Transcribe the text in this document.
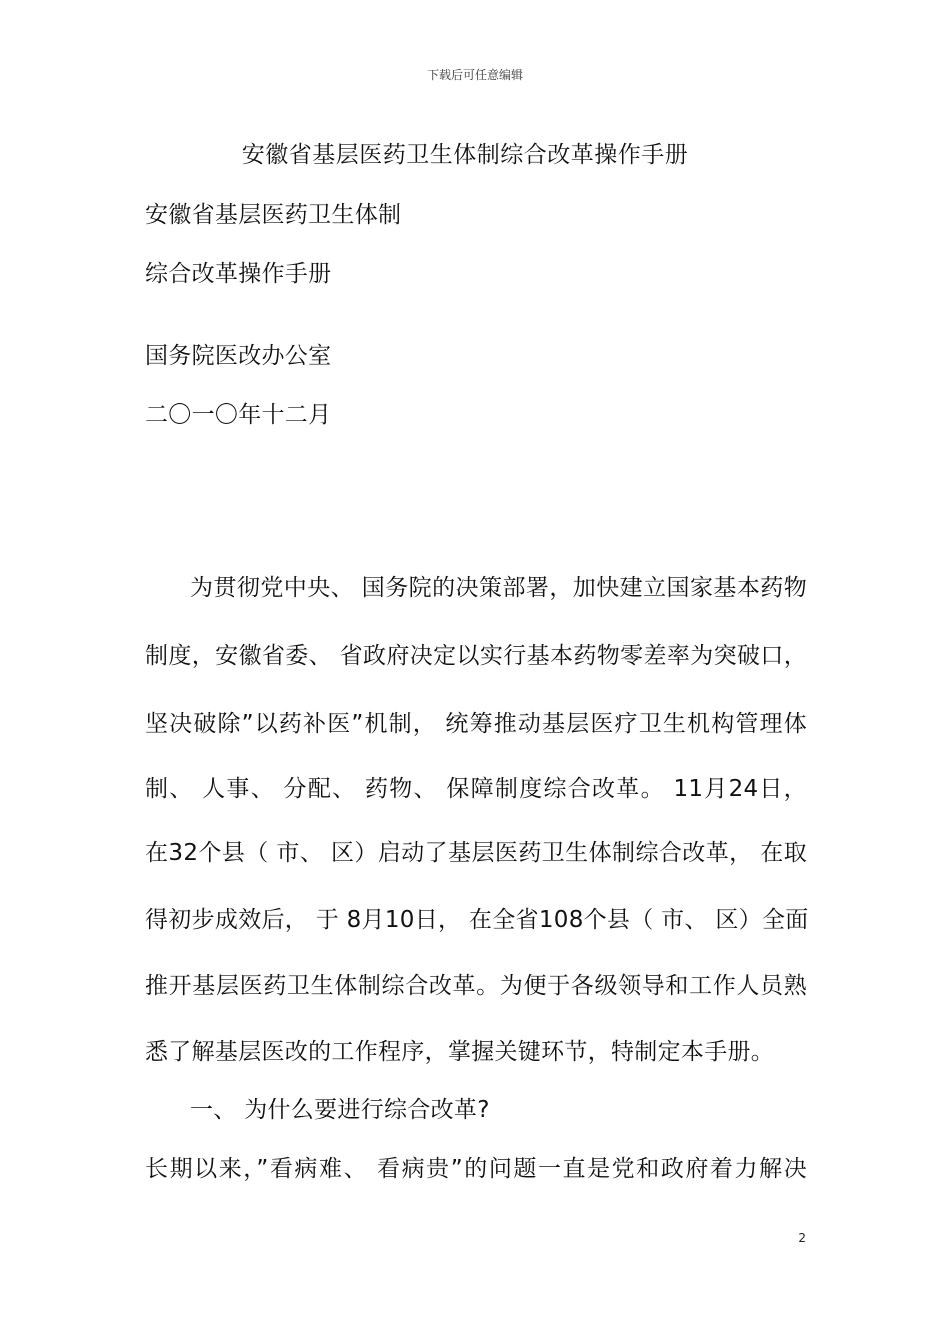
下载后可任意编辑
安徽省基层医药卫生体制综合改革操作手册
安徽省基层医药卫生体制
综合改革操作手册
国务院医改办公室
二〇一〇年十二月
为贯彻党中央、 国务院的决策部署，加快建立国家基本药物
制度，安徽省委、 省政府决定以实行基本药物零差率为突破口，
坚决破除”以药补医”机制， 统筹推动基层医疗卫生机构管理体
制、 人事、 分配、 药物、 保障制度综合改革。 11月24日，
在32个县（ 市、 区）启动了基层医药卫生体制综合改革， 在取
得初步成效后， 于 8月10日， 在全省108个县（ 市、 区）全面
推开基层医药卫生体制综合改革。为便于各级领导和工作人员熟
悉了解基层医改的工作程序，掌握关键环节，特制定本手册。
一、 为什么要进行综合改革?
长期以来，”看病难、 看病贵”的问题一直是党和政府着力解决
2
